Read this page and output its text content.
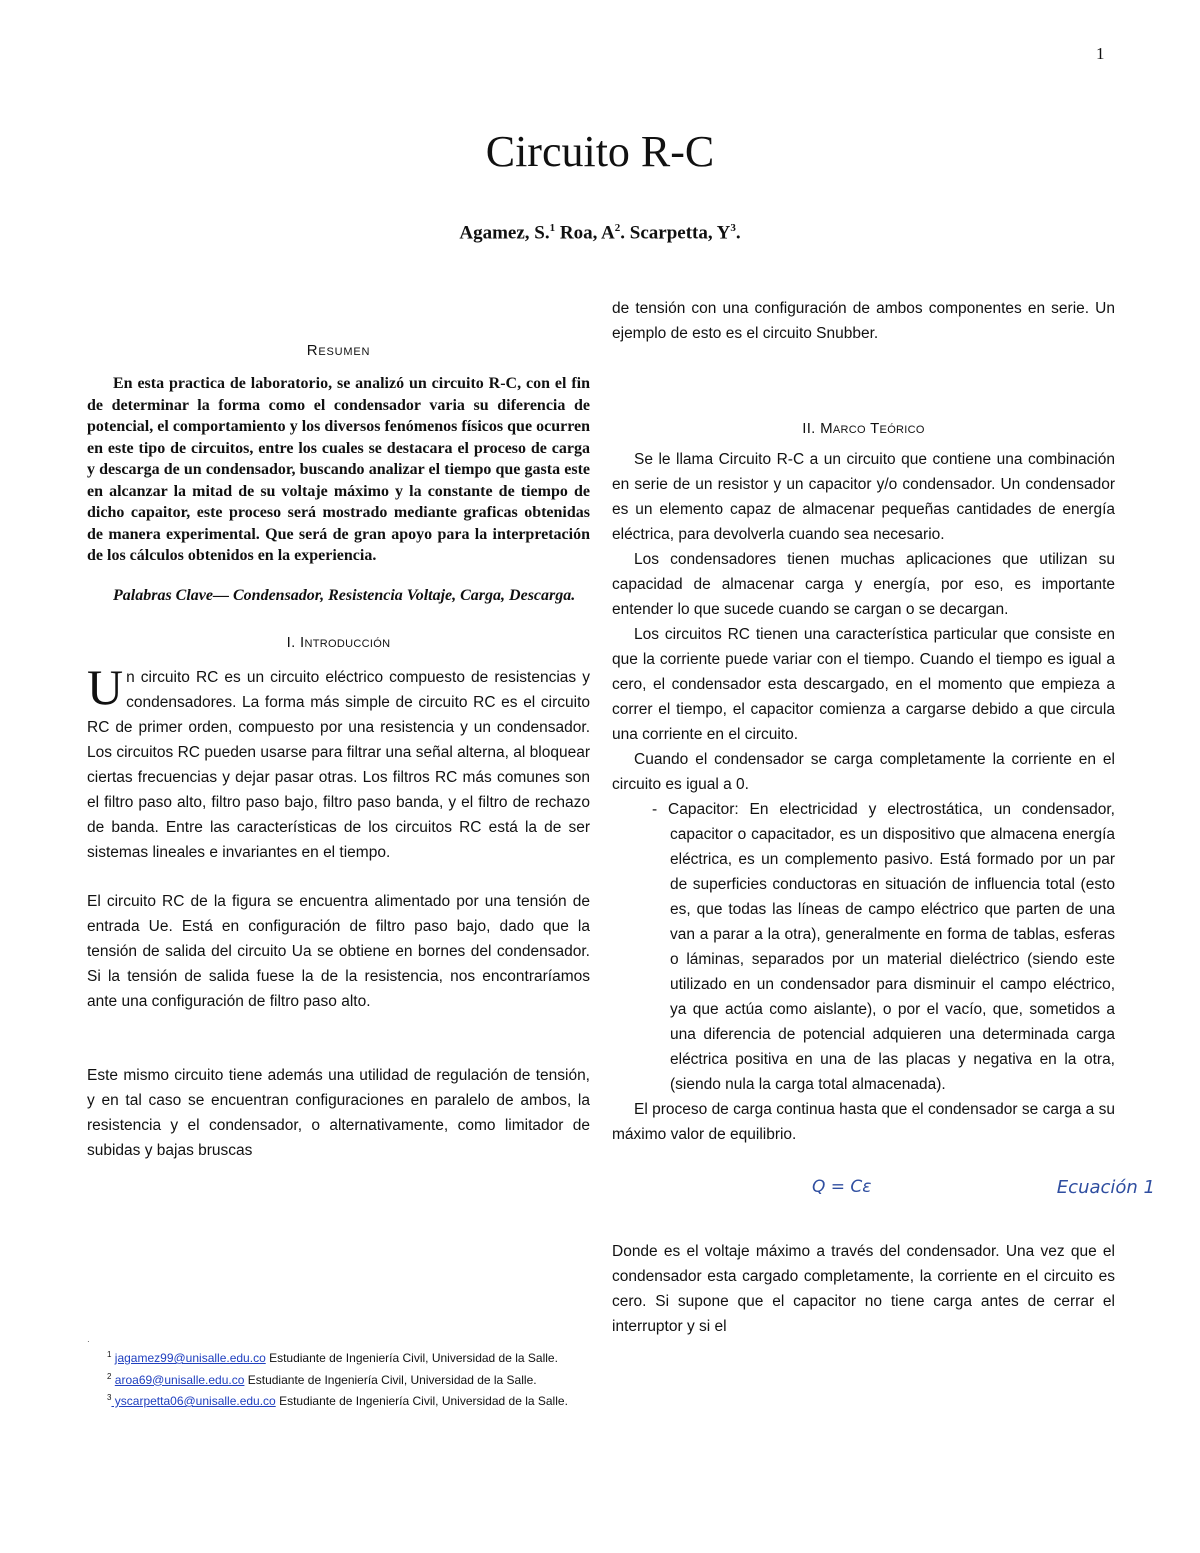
1
Circuito R-C
Agamez, S.$^1$ Roa, $A^2$. Scarpetta, $Y^3$.
Resumen

En esta practica de laboratorio, se analizó un circuito R-C, con el fin de determinar la forma como el condensador varia su diferencia de potencial, el comportamiento y los diversos fenómenos físicos que ocurren en este tipo de circuitos, entre los cuales se destacara el proceso de carga y descarga de un condensador, buscando analizar el tiempo que gasta este en alcanzar la mitad de su voltaje máximo y la constante de tiempo de dicho capaitor, este proceso será mostrado mediante graficas obtenidas de manera experimental. Que será de gran apoyo para la interpretación de los cálculos obtenidos en la experiencia.

Palabras Clave— Condensador, Resistencia Voltaje, Carga, Descarga.

I. Introducción
Un circuito RC es un circuito eléctrico compuesto de resistencias y condensadores. La forma más simple de circuito RC es el circuito RC de primer orden, compuesto por una resistencia y un condensador. Los circuitos RC pueden usarse para filtrar una señal alterna, al bloquear ciertas frecuencias y dejar pasar otras. Los filtros RC más comunes son el filtro paso alto, filtro paso bajo, filtro paso banda, y el filtro de rechazo de banda. Entre las características de los circuitos RC está la de ser sistemas lineales e invariantes en el tiempo.

El circuito RC de la figura se encuentra alimentado por una tensión de entrada Ue. Está en configuración de filtro paso bajo, dado que la tensión de salida del circuito Ua se obtiene en bornes del condensador. Si la tensión de salida fuese la de la resistencia, nos encontraríamos ante una configuración de filtro paso alto.

Este mismo circuito tiene además una utilidad de regulación de tensión, y en tal caso se encuentran configuraciones en paralelo de ambos, la resistencia y el condensador, o alternativamente, como limitador de subidas y bajas bruscas

·
$^1$ jagamez99@unisalle.edu.co Estudiante de Ingeniería Civil, Universidad de la Salle.
$^2$ aroa69@unisalle.edu.co Estudiante de Ingeniería Civil, Universidad de la Salle.
$^3$ yscarpetta06@unisalle.edu.co Estudiante de Ingeniería Civil, Universidad de la Salle.

de tensión con una configuración de ambos componentes en serie. Un ejemplo de esto es el circuito Snubber.

II. Marco Teórico

Se le llama Circuito R-C a un circuito que contiene una combinación en serie de un resistor y un capacitor y/o condensador. Un condensador es un elemento capaz de almacenar pequeñas cantidades de energía eléctrica, para devolverla cuando sea necesario.

Los condensadores tienen muchas aplicaciones que utilizan su capacidad de almacenar carga y energía, por eso, es importante entender lo que sucede cuando se cargan o se decargan.

Los circuitos RC tienen una característica particular que consiste en que la corriente puede variar con el tiempo. Cuando el tiempo es igual a cero, el condensador esta descargado, en el momento que empieza a correr el tiempo, el capacitor comienza a cargarse debido a que circula una corriente en el circuito.

Cuando el condensador se carga completamente la corriente en el circuito es igual a 0.

- Capacitor: En electricidad y electrostática, un condensador, capacitor o capacitador, es un dispositivo que almacena energía eléctrica, es un complemento pasivo. Está formado por un par de superficies conductoras en situación de influencia total (esto es, que todas las líneas de campo eléctrico que parten de una van a parar a la otra), generalmente en forma de tablas, esferas o láminas, separados por un material dieléctrico (siendo este utilizado en un condensador para disminuir el campo eléctrico, ya que actúa como aislante), o por el vacío, que, sometidos a una diferencia de potencial adquieren una determinada carga eléctrica positiva en una de las placas y negativa en la otra, (siendo nula la carga total almacenada).

El proceso de carga continua hasta que el condensador se carga a su máximo valor de equilibrio.

Q = Cε	Ecuación 1

Donde es el voltaje máximo a través del condensador. Una vez que el condensador esta cargado completamente, la corriente en el circuito es cero. Si supone que el capacitor no tiene carga antes de cerrar el interruptor y si el
